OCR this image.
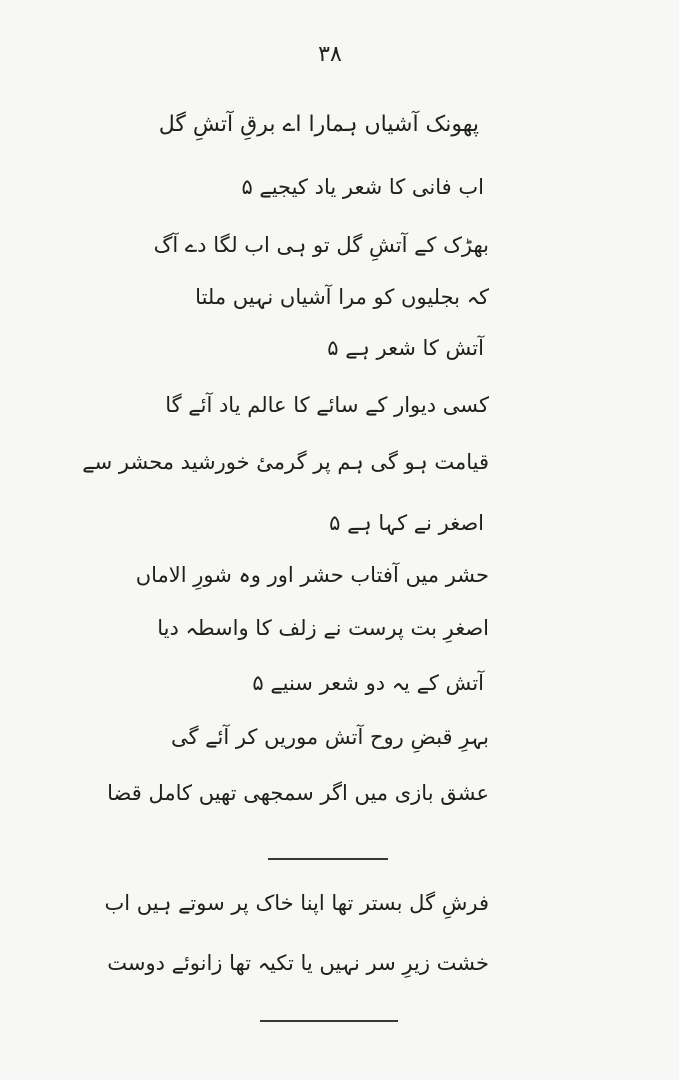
۳۸
پھونک آشیاں ہمارا اے برقِ آتشِ گل
اب فانی کا شعر یاد کیجیے ۵
بھڑک کے آتشِ گل تو ہی اب لگا دے آگ
کہ بجلیوں کو مرا آشیاں نہیں ملتا
آتش کا شعر ہے ۵
کسی دیوار کے سائے کا عالم یاد آئے گا
قیامت ہو گی ہم پر گرمیٔ خورشید محشر سے
اصغر نے کہا ہے ۵
حشر میں آفتاب حشر اور وہ شورِ الاماں
اصغرِ بت پرست نے زلف کا واسطہ دیا
آتش کے یہ دو شعر سنیے ۵
بہرِ قبضِ روح آتش موریں کر آئے گی
عشق بازی میں اگر سمجھی تھیں کامل قضا
فرشِ گل بستر تھا اپنا خاک پر سوتے ہیں اب
خشت زیرِ سر نہیں یا تکیہ تھا زانوئے دوست
